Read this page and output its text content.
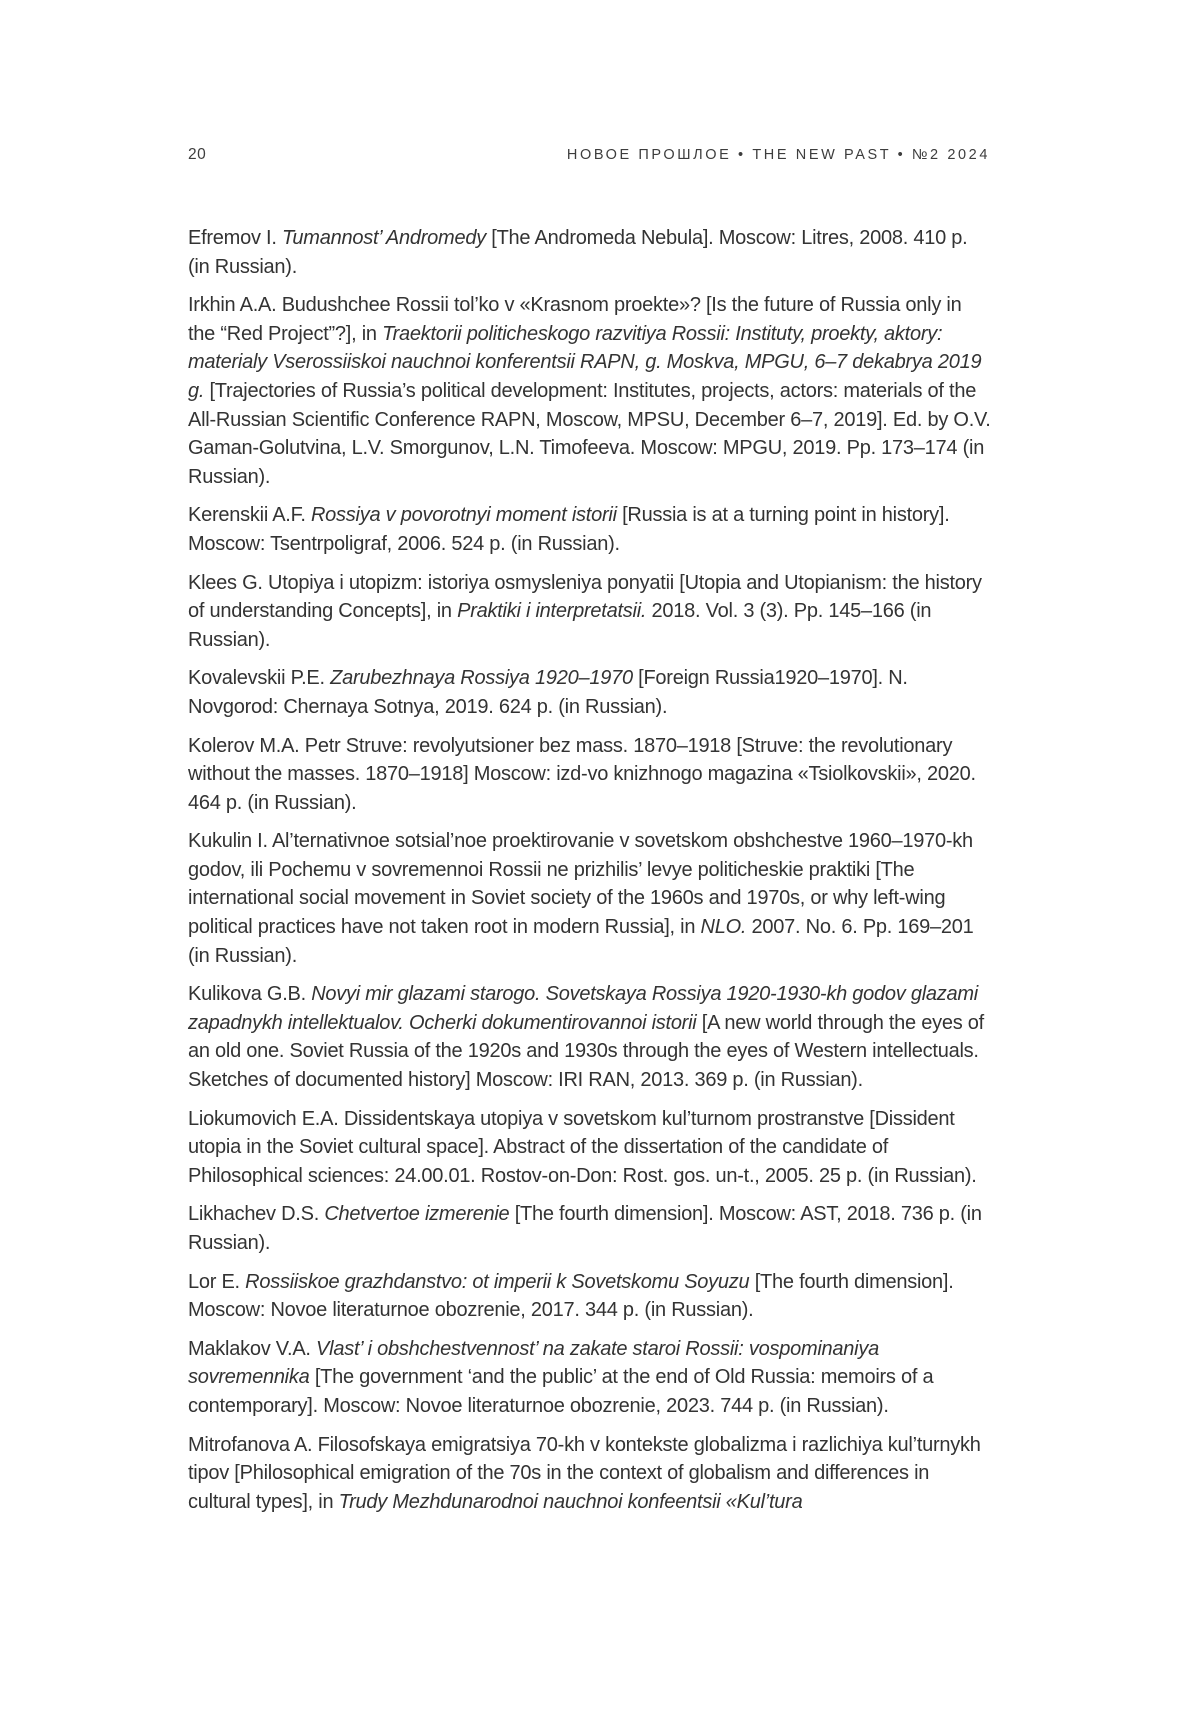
20	НОВОЕ ПРОШЛОЕ • THE NEW PAST • №2 2024

Efremov I. Tumannost’ Andromedy [The Andromeda Nebula]. Moscow: Litres, 2008. 410 p. (in Russian).

Irkhin A.A. Budushchee Rossii tol’ko v «Krasnom proekte»? [Is the future of Russia only in the “Red Project”?], in Traektorii politicheskogo razvitiya Rossii: Instituty, proekty, aktory: materialy Vserossiiskoi nauchnoi konferentsii RAPN, g. Moskva, MPGU, 6–7 dekabrya 2019 g. [Trajectories of Russia’s political development: Institutes, projects, actors: materials of the All-Russian Scientific Conference RAPN, Moscow, MPSU, December 6–7, 2019]. Ed. by O.V. Gaman-Golutvina, L.V. Smorgunov, L.N. Timofeeva. Moscow: MPGU, 2019. Pp. 173–174 (in Russian).

Kerenskii A.F. Rossiya v povorotnyi moment istorii [Russia is at a turning point in history]. Moscow: Tsentrpoligraf, 2006. 524 p. (in Russian).

Klees G. Utopiya i utopizm: istoriya osmysleniya ponyatii [Utopia and Utopianism: the history of understanding Concepts], in Praktiki i interpretatsii. 2018. Vol. 3 (3). Pp. 145–166 (in Russian).

Kovalevskii P.E. Zarubezhnaya Rossiya 1920–1970 [Foreign Russia1920–1970]. N. Novgorod: Chernaya Sotnya, 2019. 624 p. (in Russian).

Kolerov M.A. Petr Struve: revolyutsioner bez mass. 1870–1918 [Struve: the revolutionary without the masses. 1870–1918] Moscow: izd-vo knizhnogo magazina «Tsiolkovskii», 2020. 464 p. (in Russian).

Kukulin I. Al’ternativnoe sotsial’noe proektirovanie v sovetskom obshchestve 1960–1970-kh godov, ili Pochemu v sovremennoi Rossii ne prizhilis’ levye politicheskie praktiki [The international social movement in Soviet society of the 1960s and 1970s, or why left-wing political practices have not taken root in modern Russia], in NLO. 2007. No. 6. Pp. 169–201 (in Russian).

Kulikova G.B. Novyi mir glazami starogo. Sovetskaya Rossiya 1920-1930-kh godov glazami zapadnykh intellektualov. Ocherki dokumentirovannoi istorii [A new world through the eyes of an old one. Soviet Russia of the 1920s and 1930s through the eyes of Western intellectuals. Sketches of documented history] Moscow: IRI RAN, 2013. 369 p. (in Russian).

Liokumovich E.A. Dissidentskaya utopiya v sovetskom kul’turnom prostranstve [Dissident utopia in the Soviet cultural space]. Abstract of the dissertation of the candidate of Philosophical sciences: 24.00.01. Rostov-on-Don: Rost. gos. un-t., 2005. 25 p. (in Russian).

Likhachev D.S. Chetvertoe izmerenie [The fourth dimension]. Moscow: AST, 2018. 736 p. (in Russian).

Lor E. Rossiiskoe grazhdanstvo: ot imperii k Sovetskomu Soyuzu [The fourth dimension]. Moscow: Novoe literaturnoe obozrenie, 2017. 344 p. (in Russian).

Maklakov V.A. Vlast’ i obshchestvennost’ na zakate staroi Rossii: vospominaniya sovremennika [The government ‘and the public’ at the end of Old Russia: memoirs of a contemporary]. Moscow: Novoe literaturnoe obozrenie, 2023. 744 p. (in Russian).

Mitrofanova A. Filosofskaya emigratsiya 70-kh v kontekste globalizma i razlichiya kul’turnykh tipov [Philosophical emigration of the 70s in the context of globalism and differences in cultural types], in Trudy Mezhdunarodnoi nauchnoi konfeentsii «Kul’tura
